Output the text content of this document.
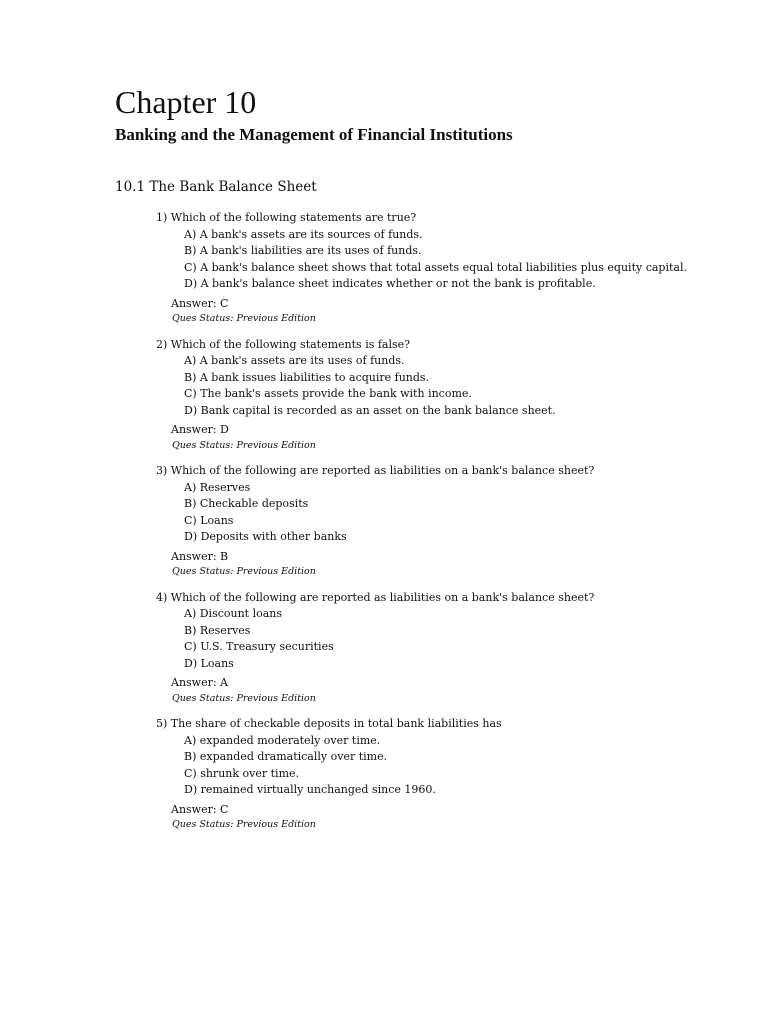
Chapter 10
Banking and the Management of Financial Institutions
10.1 The Bank Balance Sheet
1) Which of the following statements are true?
A) A bank's assets are its sources of funds.
B) A bank's liabilities are its uses of funds.
C) A bank's balance sheet shows that total assets equal total liabilities plus equity capital.
D) A bank's balance sheet indicates whether or not the bank is profitable.
Answer: C
Ques Status: Previous Edition
2) Which of the following statements is false?
A) A bank's assets are its uses of funds.
B) A bank issues liabilities to acquire funds.
C) The bank's assets provide the bank with income.
D) Bank capital is recorded as an asset on the bank balance sheet.
Answer: D
Ques Status: Previous Edition
3) Which of the following are reported as liabilities on a bank's balance sheet?
A) Reserves
B) Checkable deposits
C) Loans
D) Deposits with other banks
Answer: B
Ques Status: Previous Edition
4) Which of the following are reported as liabilities on a bank's balance sheet?
A) Discount loans
B) Reserves
C) U.S. Treasury securities
D) Loans
Answer: A
Ques Status: Previous Edition
5) The share of checkable deposits in total bank liabilities has
A) expanded moderately over time.
B) expanded dramatically over time.
C) shrunk over time.
D) remained virtually unchanged since 1960.
Answer: C
Ques Status: Previous Edition
